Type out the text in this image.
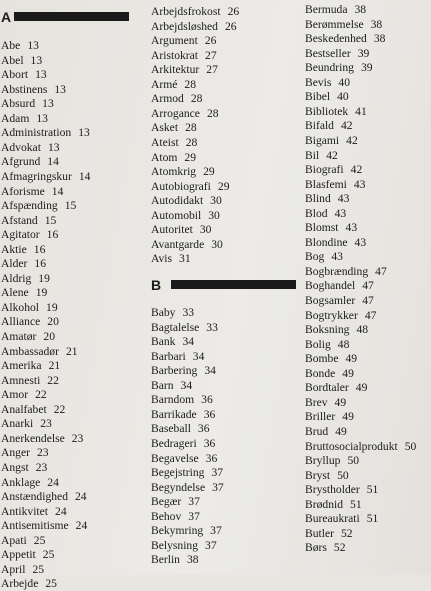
A
Abe 13
Abel 13
Abort 13
Abstinens 13
Absurd 13
Adam 13
Administration 13
Advokat 13
Afgrund 14
Afmagringskur 14
Aforisme 14
Afspænding 15
Afstand 15
Agitator 16
Aktie 16
Alder 16
Aldrig 19
Alene 19
Alkohol 19
Alliance 20
Amatør 20
Ambassadør 21
Amerika 21
Amnesti 22
Amor 22
Analfabet 22
Anarki 23
Anerkendelse 23
Anger 23
Angst 23
Anklage 24
Anstændighed 24
Antikvitet 24
Antisemitisme 24
Apati 25
Appetit 25
April 25
Arbejde 25
Arbejdsfrokost 26
Arbejdsløshed 26
Argument 26
Aristokrat 27
Arkitektur 27
Armé 28
Armod 28
Arrogance 28
Asket 28
Ateist 28
Atom 29
Atomkrig 29
Autobiografi 29
Autodidakt 30
Automobil 30
Autoritet 30
Avantgarde 30
Avis 31
B
Baby 33
Bagtalelse 33
Bank 34
Barbari 34
Barbering 34
Barn 34
Barndom 36
Barrikade 36
Baseball 36
Bedrageri 36
Begavelse 36
Begejstring 37
Begyndelse 37
Begær 37
Behov 37
Bekymring 37
Belysning 37
Berlin 38
Bermuda 38
Berømmelse 38
Beskedenhed 38
Bestseller 39
Beundring 39
Bevis 40
Bibel 40
Bibliotek 41
Bifald 42
Bigami 42
Bil 42
Biografi 42
Blasfemi 43
Blind 43
Blod 43
Blomst 43
Blondine 43
Bog 43
Bogbrænding 47
Boghandel 47
Bogsamler 47
Bogtrykker 47
Boksning 48
Bolig 48
Bombe 49
Bonde 49
Bordtaler 49
Brev 49
Briller 49
Brud 49
Bruttosocialprodukt 50
Bryllup 50
Bryst 50
Brystholder 51
Brødnid 51
Bureaukrati 51
Butler 52
Børs 52
